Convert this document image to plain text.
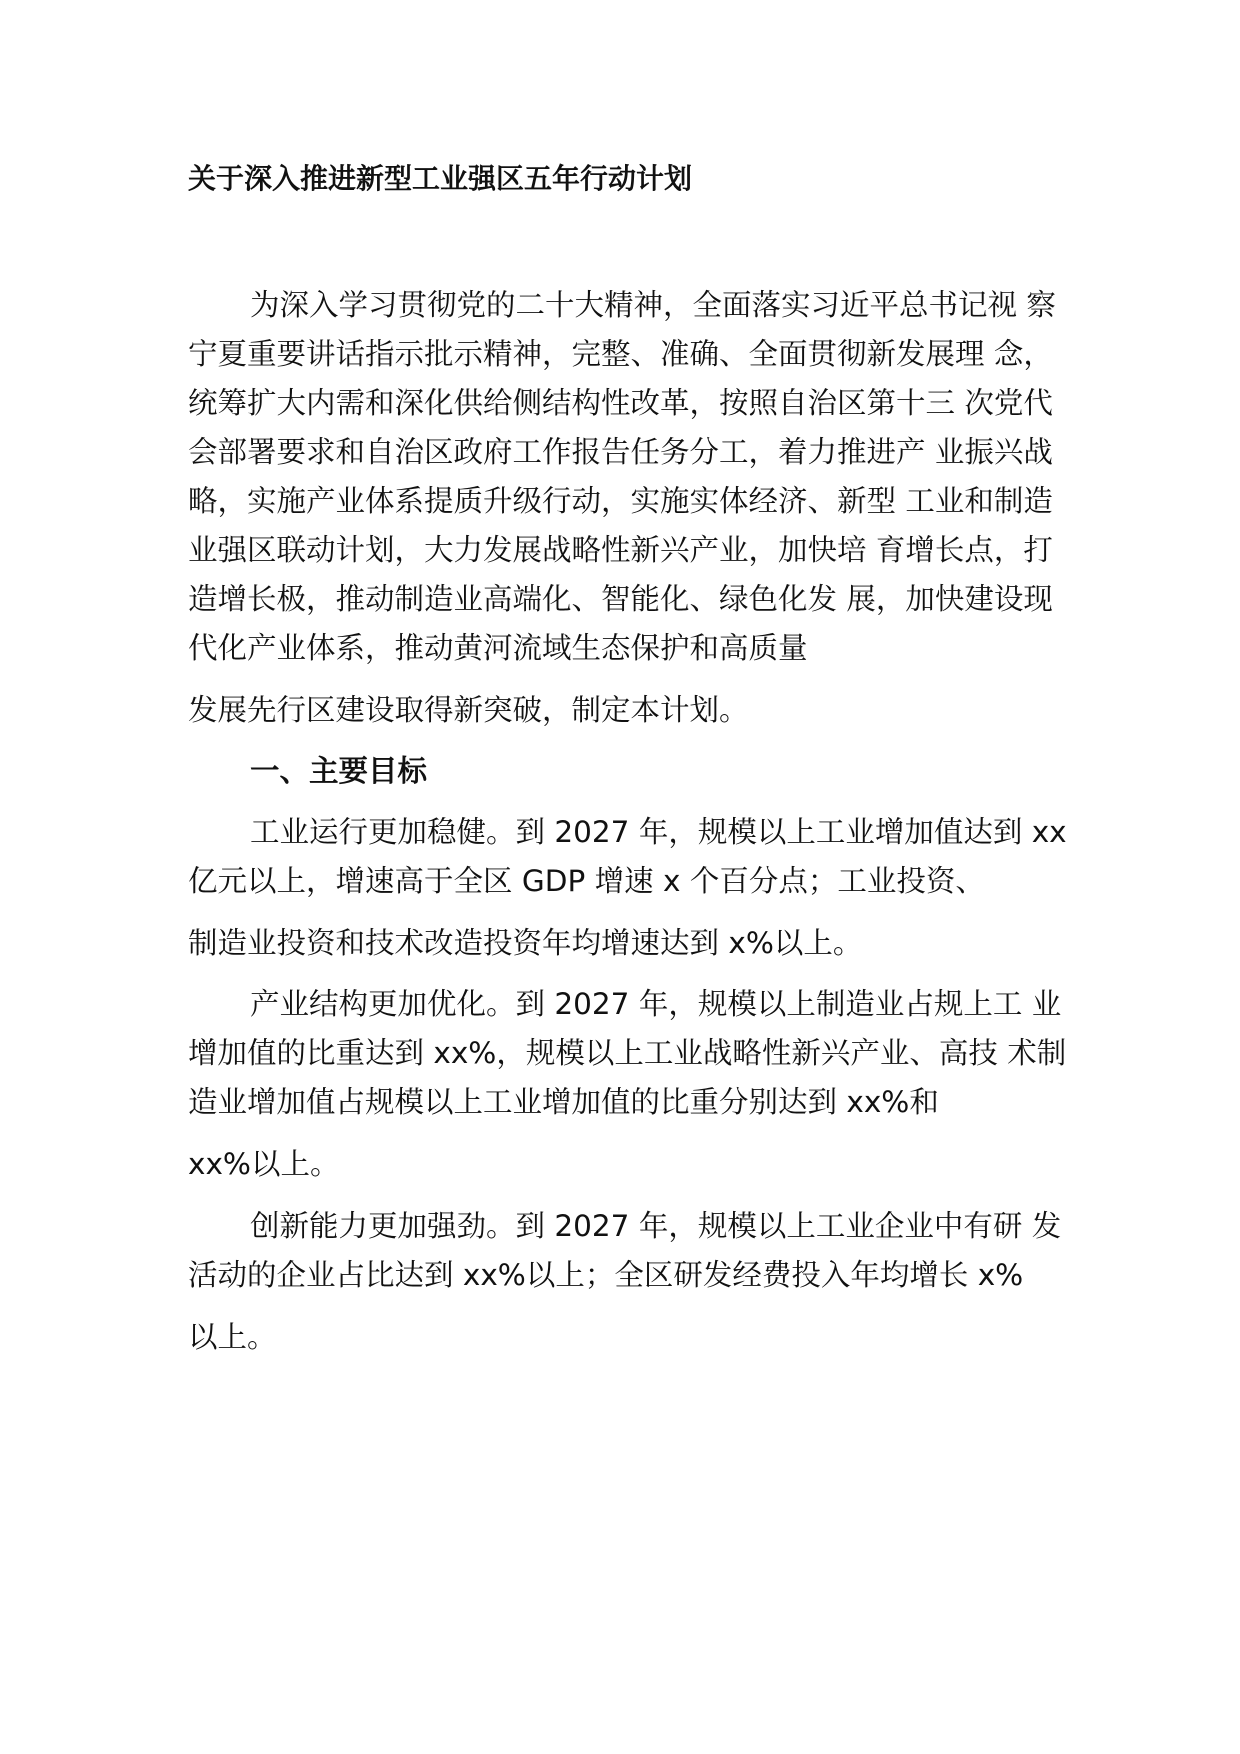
关于深入推进新型工业强区五年行动计划
为深入学习贯彻党的二十大精神，全面落实习近平总书记视 察
宁夏重要讲话指示批示精神，完整、准确、全面贯彻新发展理 念，
统筹扩大内需和深化供给侧结构性改革，按照自治区第十三 次党代
会部署要求和自治区政府工作报告任务分工，着力推进产 业振兴战
略，实施产业体系提质升级行动，实施实体经济、新型 工业和制造
业强区联动计划，大力发展战略性新兴产业，加快培 育增长点，打
造增长极，推动制造业高端化、智能化、绿色化发 展，加快建设现
代化产业体系，推动黄河流域生态保护和高质量
发展先行区建设取得新突破，制定本计划。
一、主要目标
工业运行更加稳健。到 2027 年，规模以上工业增加值达到 xx
亿元以上，增速高于全区 GDP 增速 x 个百分点；工业投资、
制造业投资和技术改造投资年均增速达到 x%以上。
产业结构更加优化。到 2027 年，规模以上制造业占规上工 业
增加值的比重达到 xx%，规模以上工业战略性新兴产业、高技 术制
造业增加值占规模以上工业增加值的比重分别达到 xx%和
xx%以上。
创新能力更加强劲。到 2027 年，规模以上工业企业中有研 发
活动的企业占比达到 xx%以上；全区研发经费投入年均增长 x%
以上。
